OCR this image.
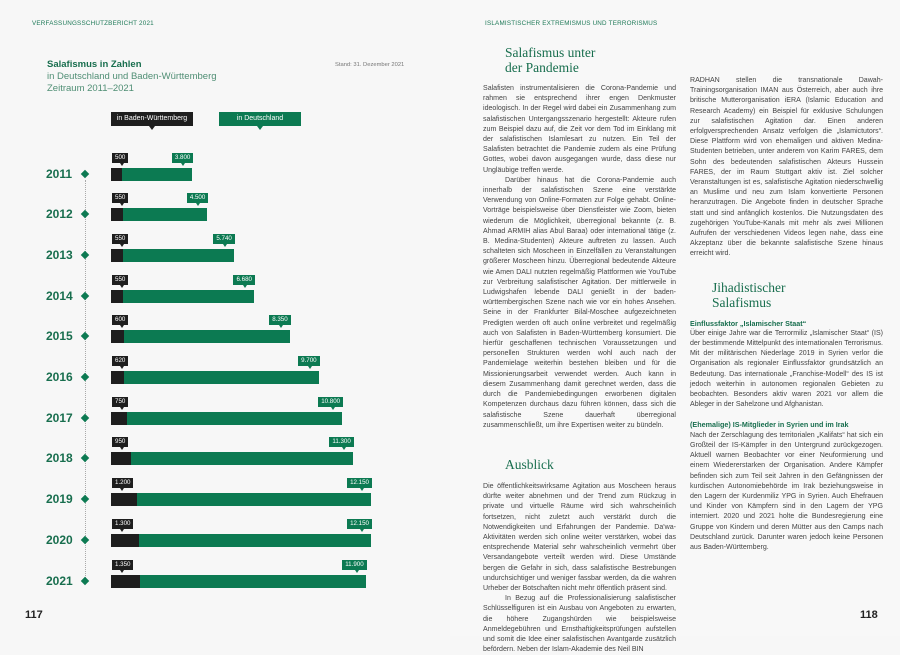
VERFASSUNGSSCHUTZBERICHT 2021
Salafismus in Zahlen
in Deutschland und Baden-Württemberg
Zeitraum 2011–2021
Stand: 31. Dezember 2021
in Baden-Württemberg	in Deutschland
2011
500	3.800
2012
550	4.500
2013
550	5.740
2014
550	6.680
2015
600	8.350
2016
620	9.700
2017
750	10.800
2018
950	11.300
2019
1.200	12.150
2020
1.300	12.150
2021
1.350	11.900
117
ISLAMISTISCHER EXTREMISMUS UND TERRORISMUS
Salafismus unter
der Pandemie

Salafisten instrumentalisieren die Corona-Pandemie und rahmen sie entsprechend ihrer engen Denkmuster ideologisch. In der Regel wird dabei ein Zusammenhang zum salafistischen Untergangsszenario hergestellt: Akteure rufen zum Beispiel dazu auf, die Zeit vor dem Tod im Einklang mit der salafistischen Islamlesart zu nutzen. Ein Teil der Salafisten betrachtet die Pandemie zudem als eine Prüfung Gottes, wobei davon ausgegangen wurde, dass diese nur Ungläubige treffen werde.

Darüber hinaus hat die Corona-Pandemie auch innerhalb der salafistischen Szene eine verstärkte Verwendung von Online-Formaten zur Folge gehabt. Online-Vorträge beispielsweise über Dienstleister wie Zoom, bieten wiederum die Möglichkeit, überregional bekannte (z. B. Ahmad ARMIH alias Abul Baraa) oder international tätige (z. B. Medina-Studenten) Akteure auftreten zu lassen. Auch schalteten sich Moscheen in Einzelfällen zu Veranstaltungen größerer Moscheen hinzu. Überregional bedeutende Akteure wie Amen DALI nutzten regelmäßig Plattformen wie YouTube zur Verbreitung salafistischer Agitation. Der mittlerweile in Ludwigshafen lebende DALI genießt in der baden-württembergischen Szene nach wie vor ein hohes Ansehen. Seine in der Frankfurter Bilal-Moschee aufgezeichneten Predigten werden oft auch online verbreitet und regelmäßig auch von Salafisten in Baden-Württemberg konsumiert. Die hierfür geschaffenen technischen Voraussetzungen und personellen Strukturen werden wohl auch nach der Pandemielage weiterhin bestehen bleiben und für die Missionierungsarbeit verwendet werden. Auch kann in diesem Zusammenhang damit gerechnet werden, dass die durch die Pandemiebedingungen erworbenen digitalen Kompetenzen durchaus dazu führen können, dass sich die salafistische Szene dauerhaft überregional zusammenschließt, um ihre Expertisen weiter zu bündeln.

Ausblick

Die öffentlichkeitswirksame Agitation aus Moscheen heraus dürfte weiter abnehmen und der Trend zum Rückzug in private und virtuelle Räume wird sich wahrscheinlich fortsetzen, nicht zuletzt auch verstärkt durch die Notwendigkeiten und Erfahrungen der Pandemie. Da'wa-Aktivitäten werden sich online weiter verstärken, wobei das entsprechende Material sehr wahrscheinlich vermehrt über Versandangebote verteilt werden wird. Diese Umstände bergen die Gefahr in sich, dass salafistische Bestrebungen undurchsichtiger und weniger fassbar werden, da die wahren Urheber der Botschaften nicht mehr öffentlich präsent sind.

In Bezug auf die Professionalisierung salafistischer Schlüsselfiguren ist ein Ausbau von Angeboten zu erwarten, die höhere Zugangshürden wie beispielsweise Anmeldegebühren und Ernsthaftigkeitsprüfungen aufstellen und somit die Idee einer salafistischen Avantgarde zusätzlich befördern. Neben der Islam-Akademie des Neil BIN

RADHAN stellen die transnationale Dawah-Trainingsorganisation IMAN aus Österreich, aber auch ihre britische Mutterorganisation iERA (Islamic Education and Research Academy) ein Beispiel für exklusive Schulungen zur salafistischen Agitation dar. Einen anderen erfolgversprechenden Ansatz verfolgen die „Islamictutors“. Diese Plattform wird von ehemaligen und aktiven Medina-Studenten betrieben, unter anderem von Karim FARES, dem Sohn des bedeutenden salafistischen Akteurs Hussein FARES, der im Raum Stuttgart aktiv ist. Ziel solcher Veranstaltungen ist es, salafistische Agitation niederschwellig an Muslime und neu zum Islam konvertierte Personen heranzutragen. Die Angebote finden in deutscher Sprache statt und sind anfänglich kostenlos. Die Nutzungsdaten des zugehörigen YouTube-Kanals mit mehr als zwei Millionen Aufrufen der verschiedenen Videos legen nahe, dass eine Akzeptanz über die bekannte salafistische Szene hinaus erreicht wird.

Jihadistischer
Salafismus
Einflussfaktor „Islamischer Staat“

Über einige Jahre war die Terrormiliz „Islamischer Staat“ (IS) der bestimmende Mittelpunkt des internationalen Terrorismus. Mit der militärischen Niederlage 2019 in Syrien verlor die Organisation als regionaler Einflussfaktor grundsätzlich an Bedeutung. Das internationale „Franchise-Modell“ des IS ist jedoch weiterhin in autonomen regionalen Gebieten zu beobachten. Besonders aktiv waren 2021 vor allem die Ableger in der Sahelzone und Afghanistan.

(Ehemalige) IS-Mitglieder in Syrien und im Irak

Nach der Zerschlagung des territorialen „Kalifats“ hat sich ein Großteil der IS-Kämpfer in den Untergrund zurückgezogen. Aktuell warnen Beobachter vor einer Neuformierung und einem Wiedererstarken der Organisation. Andere Kämpfer befinden sich zum Teil seit Jahren in den Gefängnissen der kurdischen Autonomiebehörde im Irak beziehungsweise in den Lagern der Kurdenmiliz YPG in Syrien. Auch Ehefrauen und Kinder von Kämpfern sind in den Lagern der YPG interniert. 2020 und 2021 holte die Bundesregierung eine Gruppe von Kindern und deren Mütter aus den Camps nach Deutschland zurück. Darunter waren jedoch keine Personen aus Baden-Württemberg.

118
